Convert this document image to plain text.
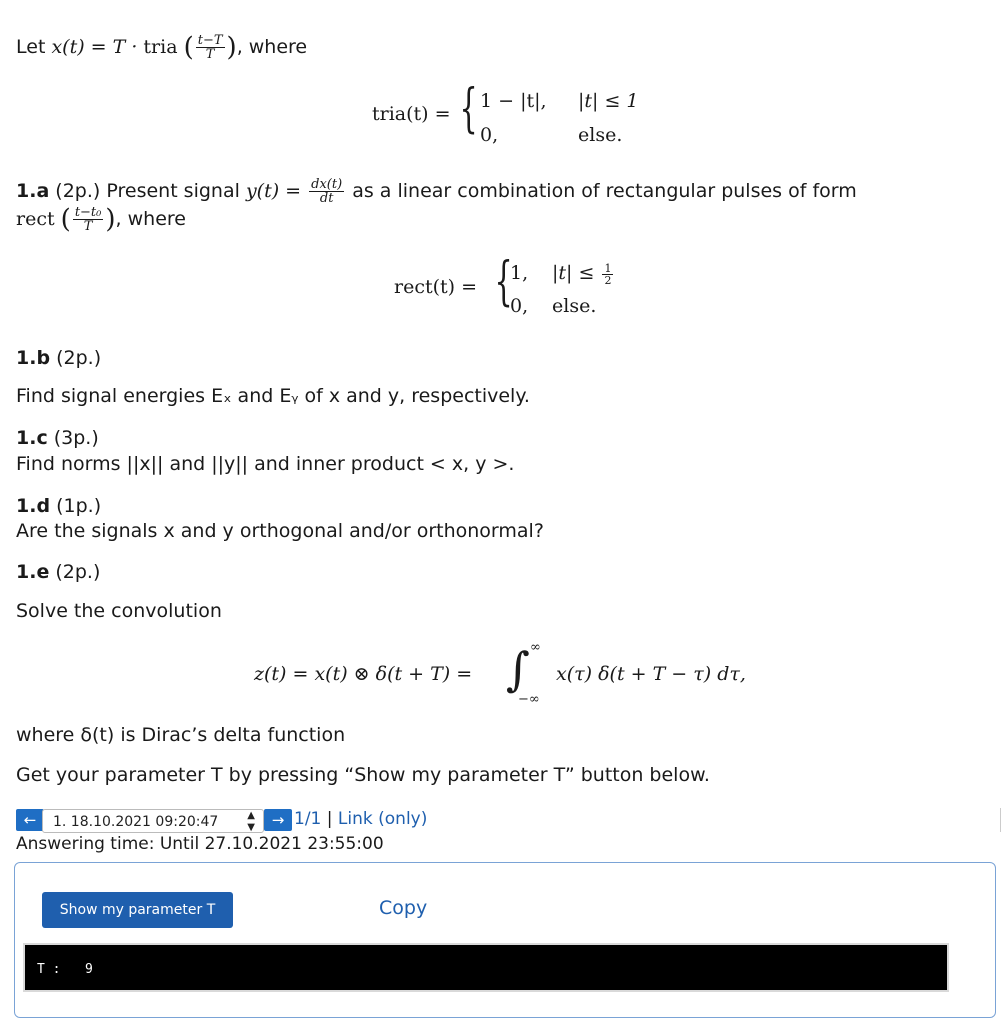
Let x(t) = T · tria ( $\frac{t-T}{T}$ ), where
tria(t) = { 1 − |t|, |t| ≤ 1
0,	else.
1.a (2p.) Present signal $y(t) = \frac{dx(t)}{dt}$ as a linear combination of rectangular pulses of form
rect ( $\frac{\text{t−t₀}}{T}$ ), where
rect(t) = {
1, $|t| \le \frac{1}{2}$
0, else.
1.b (2p.)
Find signal energies Eₓ and Eᵧ of x and y, respectively.
1.c (3p.)
Find norms ||x|| and ||y|| and inner product < x, y >.
1.d (1p.)
Are the signals x and y orthogonal and/or orthonormal?
1.e (2p.)
Solve the convolution
z(t) = x(t) ⊗ δ(t + T) = ∫ ∞
−∞
x(τ) δ(t + T − τ) dτ,
where δ(t) is Dirac’s delta function
Get your parameter T by pressing “Show my parameter T” button below.
←	1. 18.10.2021 09:20:47	▲
▼	→ 1/1 | Link (only)
Answering time: Until 27.10.2021 23:55:00
Show my parameter T	Copy
T : 9
